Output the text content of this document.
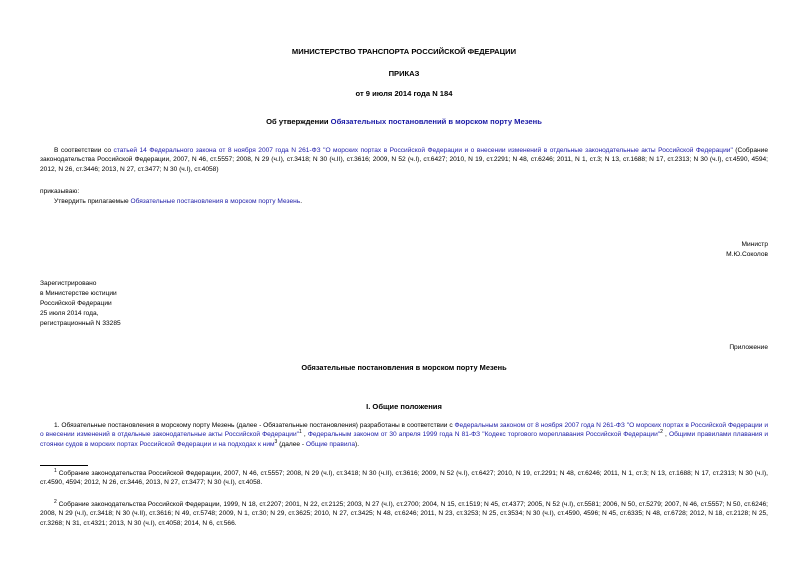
МИНИСТЕРСТВО ТРАНСПОРТА РОССИЙСКОЙ ФЕДЕРАЦИИ
ПРИКАЗ
от 9 июля 2014 года N 184
Об утверждении Обязательных постановлений в морском порту Мезень
В соответствии со статьей 14 Федерального закона от 8 ноября 2007 года N 261-ФЗ "О морских портах в Российской Федерации и о внесении изменений в отдельные законодательные акты Российской Федерации" (Собрание законодательства Российской Федерации, 2007, N 46, ст.5557; 2008, N 29 (ч.I), ст.3418; N 30 (ч.II), ст.3616; 2009, N 52 (ч.I), ст.6427; 2010, N 19, ст.2291; N 48, ст.6246; 2011, N 1, ст.3; N 13, ст.1688; N 17, ст.2313; N 30 (ч.I), ст.4590, 4594; 2012, N 26, ст.3446; 2013, N 27, ст.3477; N 30 (ч.I), ст.4058)
приказываю:
Утвердить прилагаемые Обязательные постановления в морском порту Мезень.
Министр
М.Ю.Соколов
Зарегистрировано
в Министерстве юстиции
Российской Федерации
25 июля 2014 года,
регистрационный N 33285
Приложение
Обязательные постановления в морском порту Мезень
I. Общие положения
1. Обязательные постановления в морскому порту Мезень (далее - Обязательные постановления) разработаны в соответствии с Федеральным законом от 8 ноября 2007 года N 261-ФЗ "О морских портах в Российской Федерации и о внесении изменений в отдельные законодательные акты Российской Федерации"$^1$ , Федеральным законом от 30 апреля 1999 года N 81-ФЗ "Кодекс торгового мореплавания Российской Федерации"$^2$ , Общими правилами плавания и стоянки судов в морских портах Российской Федерации и на подходах к ним$^3$ (далее - Общие правила).
$^1$ Собрание законодательства Российской Федерации, 2007, N 46, ст.5557; 2008, N 29 (ч.I), ст.3418; N 30 (ч.II), ст.3616; 2009, N 52 (ч.I), ст.6427; 2010, N 19, ст.2291; N 48, ст.6246; 2011, N 1, ст.3; N 13, ст.1688; N 17, ст.2313; N 30 (ч.I), ст.4590, 4594; 2012, N 26, ст.3446, 2013, N 27, ст.3477; N 30 (ч.I), ст.4058.
$^2$ Собрание законодательства Российской Федерации, 1999, N 18, ст.2207; 2001, N 22, ст.2125; 2003, N 27 (ч.I), ст.2700; 2004, N 15, ст.1519; N 45, ст.4377; 2005, N 52 (ч.I), ст.5581; 2006, N 50, ст.5279; 2007, N 46, ст.5557; N 50, ст.6246; 2008, N 29 (ч.I), ст.3418; N 30 (ч.II), ст.3616; N 49, ст.5748; 2009, N 1, ст.30; N 29, ст.3625; 2010, N 27, ст.3425; N 48, ст.6246; 2011, N 23, ст.3253; N 25, ст.3534; N 30 (ч.I), ст.4590, 4596; N 45, ст.6335; N 48, ст.6728; 2012, N 18, ст.2128; N 25, ст.3268; N 31, ст.4321; 2013, N 30 (ч.I), ст.4058; 2014, N 6, ст.566.
